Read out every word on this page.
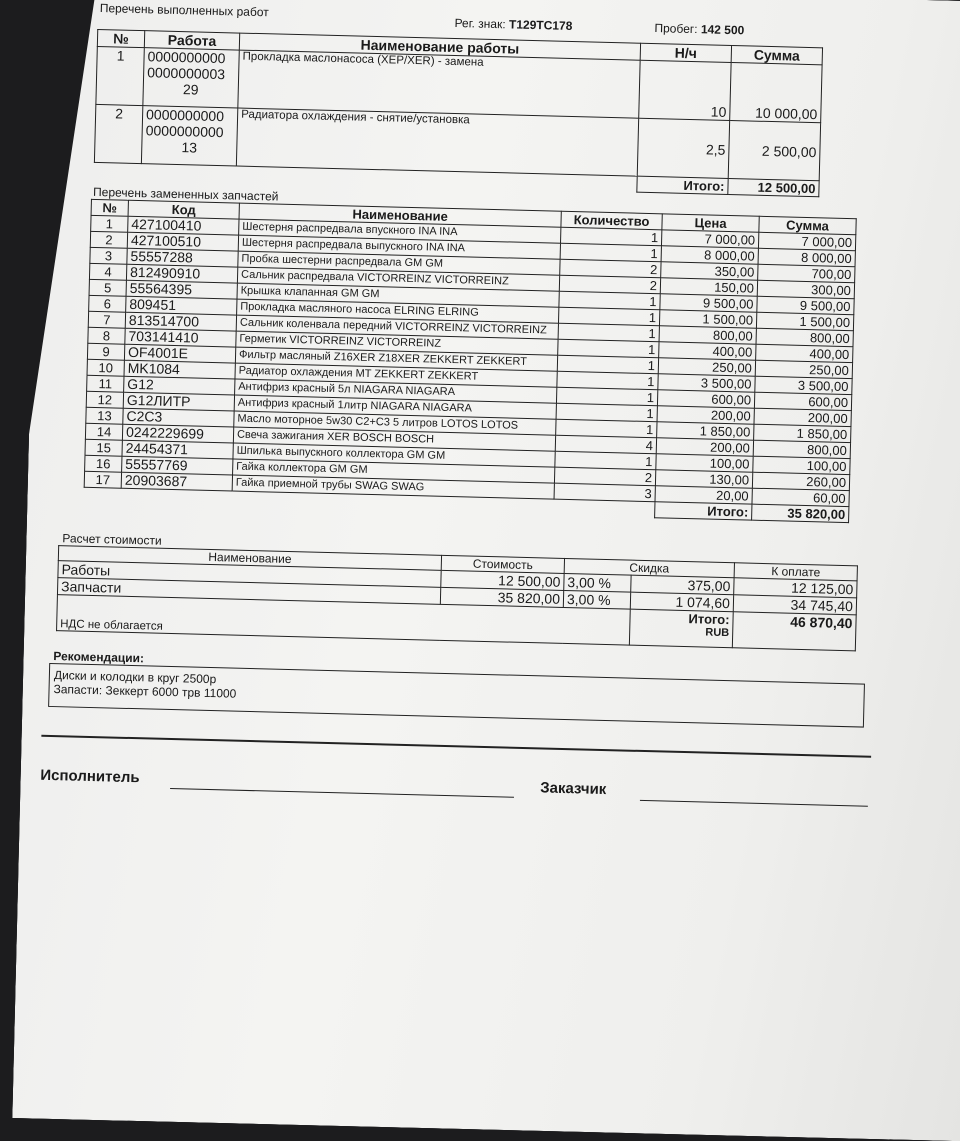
Перечень выполненных работ
Рег. знак: Т129ТС178	Пробег: 142 500
№	Работа	Наименование работы	Н/ч	Сумма
1	0000000000
0000000003
29	Прокладка маслонасоса (XEP/XER) - замена	10	10 000,00
2	0000000000
0000000000
13	Радиатора охлаждения - снятие/установка	2,5	2 500,00
			Итого:	12 500,00
Перечень замененных запчастей
№	Код	Наименование	Количество	Цена	Сумма
1	427100410	Шестерня распредвала впускного INA INA	1	7 000,00	7 000,00
2	427100510	Шестерня распредвала выпускного INA INA	1	8 000,00	8 000,00
3	55557288	Пробка шестерни распредвала GM GM	2	350,00	700,00
4	812490910	Сальник распредвала VICTORREINZ VICTORREINZ	2	150,00	300,00
5	55564395	Крышка клапанная GM GM	1	9 500,00	9 500,00
6	809451	Прокладка масляного насоса ELRING ELRING	1	1 500,00	1 500,00
7	813514700	Сальник коленвала передний VICTORREINZ VICTORREINZ	1	800,00	800,00
8	703141410	Герметик VICTORREINZ VICTORREINZ	1	400,00	400,00
9	OF4001E	Фильтр масляный Z16XER Z18XER ZEKKERT ZEKKERT	1	250,00	250,00
10	MK1084	Радиатор охлаждения MT ZEKKERT ZEKKERT	1	3 500,00	3 500,00
11	G12	Антифриз красный 5л NIAGARA NIAGARA	1	600,00	600,00
12	G12ЛИТР	Антифриз красный 1литр NIAGARA NIAGARA	1	200,00	200,00
13	C2C3	Масло моторное 5w30 C2+C3 5 литров LOTOS LOTOS	1	1 850,00	1 850,00
14	0242229699	Свеча зажигания XER BOSCH BOSCH	4	200,00	800,00
15	24454371	Шпилька выпускного коллектора GM GM	1	100,00	100,00
16	55557769	Гайка коллектора GM GM	2	130,00	260,00
17	20903687	Гайка приемной трубы SWAG SWAG	3	20,00	60,00
				Итого:	35 820,00
Расчет стоимости
Наименование	Стоимость	Скидка		К оплате
Работы	12 500,00	3,00 %	375,00	12 125,00
Запчасти	35 820,00	3,00 %	1 074,60	34 745,40
НДС не облагается			Итого:
RUB	46 870,40
Рекомендации:
Диски и колодки в круг 2500р
Запасти: Зеккерт 6000 трв 11000
Исполнитель
Заказчик
